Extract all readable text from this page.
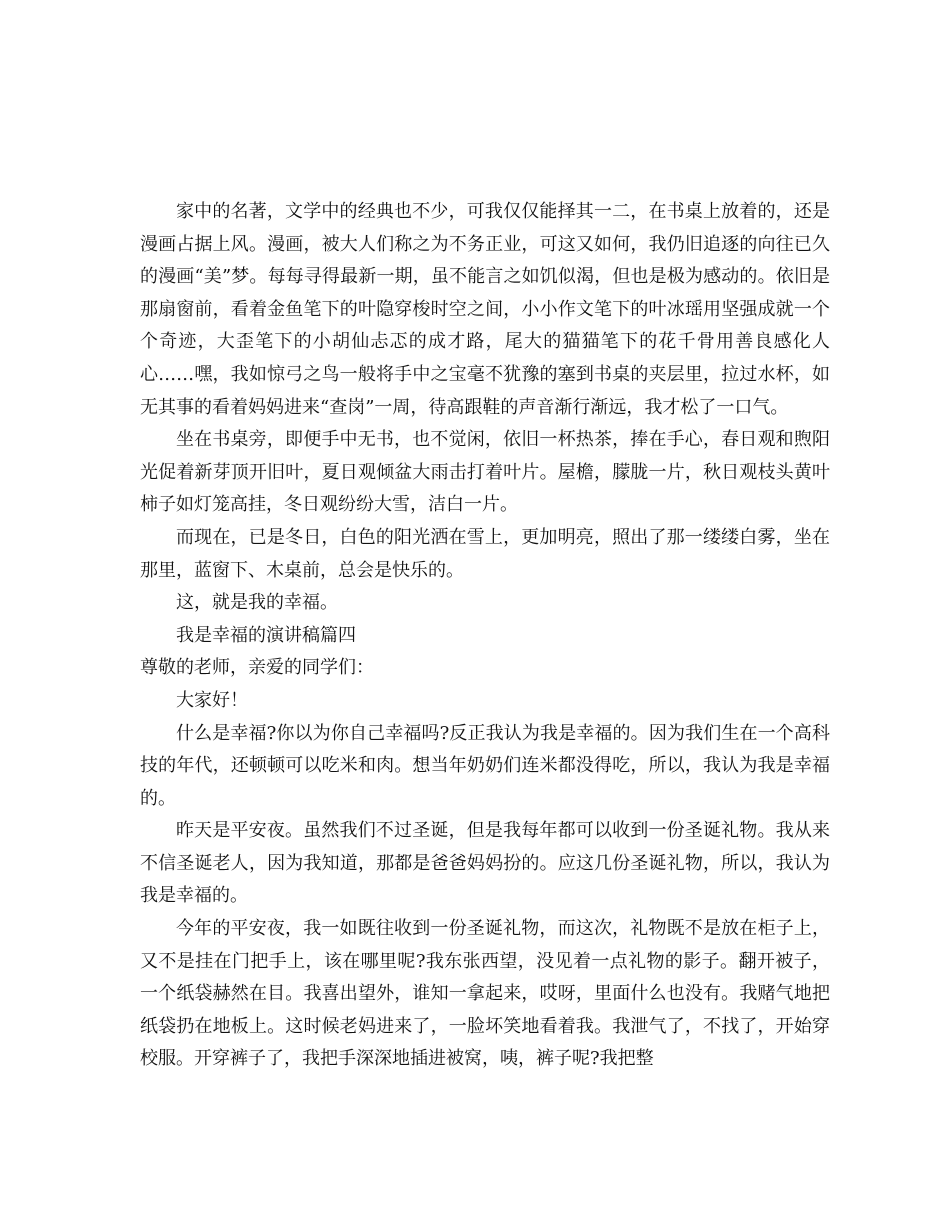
家中的名著，文学中的经典也不少，可我仅仅能择其一二，在书桌上放着的，还是漫画占据上风。漫画，被大人们称之为不务正业，可这又如何，我仍旧追逐的向往已久的漫画“美”梦。每每寻得最新一期，虽不能言之如饥似渴，但也是极为感动的。依旧是那扇窗前，看着金鱼笔下的叶隐穿梭时空之间，小小作文笔下的叶冰瑶用坚强成就一个个奇迹，大歪笔下的小胡仙忐忑的成才路，尾大的猫猫笔下的花千骨用善良感化人心……嘿，我如惊弓之鸟一般将手中之宝毫不犹豫的塞到书桌的夹层里，拉过水杯，如无其事的看着妈妈进来“查岗”一周，待高跟鞋的声音渐行渐远，我才松了一口气。

坐在书桌旁，即便手中无书，也不觉闲，依旧一杯热茶，捧在手心，春日观和煦阳光促着新芽顶开旧叶，夏日观倾盆大雨击打着叶片。屋檐，朦胧一片，秋日观枝头黄叶柿子如灯笼高挂，冬日观纷纷大雪，洁白一片。

而现在，已是冬日，白色的阳光洒在雪上，更加明亮，照出了那一缕缕白雾，坐在那里，蓝窗下、木桌前，总会是快乐的。

这，就是我的幸福。

我是幸福的演讲稿篇四

尊敬的老师，亲爱的同学们：

大家好！

什么是幸福?你以为你自己幸福吗?反正我认为我是幸福的。因为我们生在一个高科技的年代，还顿顿可以吃米和肉。想当年奶奶们连米都没得吃，所以，我认为我是幸福的。

昨天是平安夜。虽然我们不过圣诞，但是我每年都可以收到一份圣诞礼物。我从来不信圣诞老人，因为我知道，那都是爸爸妈妈扮的。应这几份圣诞礼物，所以，我认为我是幸福的。

今年的平安夜，我一如既往收到一份圣诞礼物，而这次，礼物既不是放在柜子上，又不是挂在门把手上，该在哪里呢?我东张西望，没见着一点礼物的影子。翻开被子，一个纸袋赫然在目。我喜出望外，谁知一拿起来，哎呀，里面什么也没有。我赌气地把纸袋扔在地板上。这时候老妈进来了，一脸坏笑地看着我。我泄气了，不找了，开始穿校服。开穿裤子了，我把手深深地插进被窝，咦，裤子呢?我把整
